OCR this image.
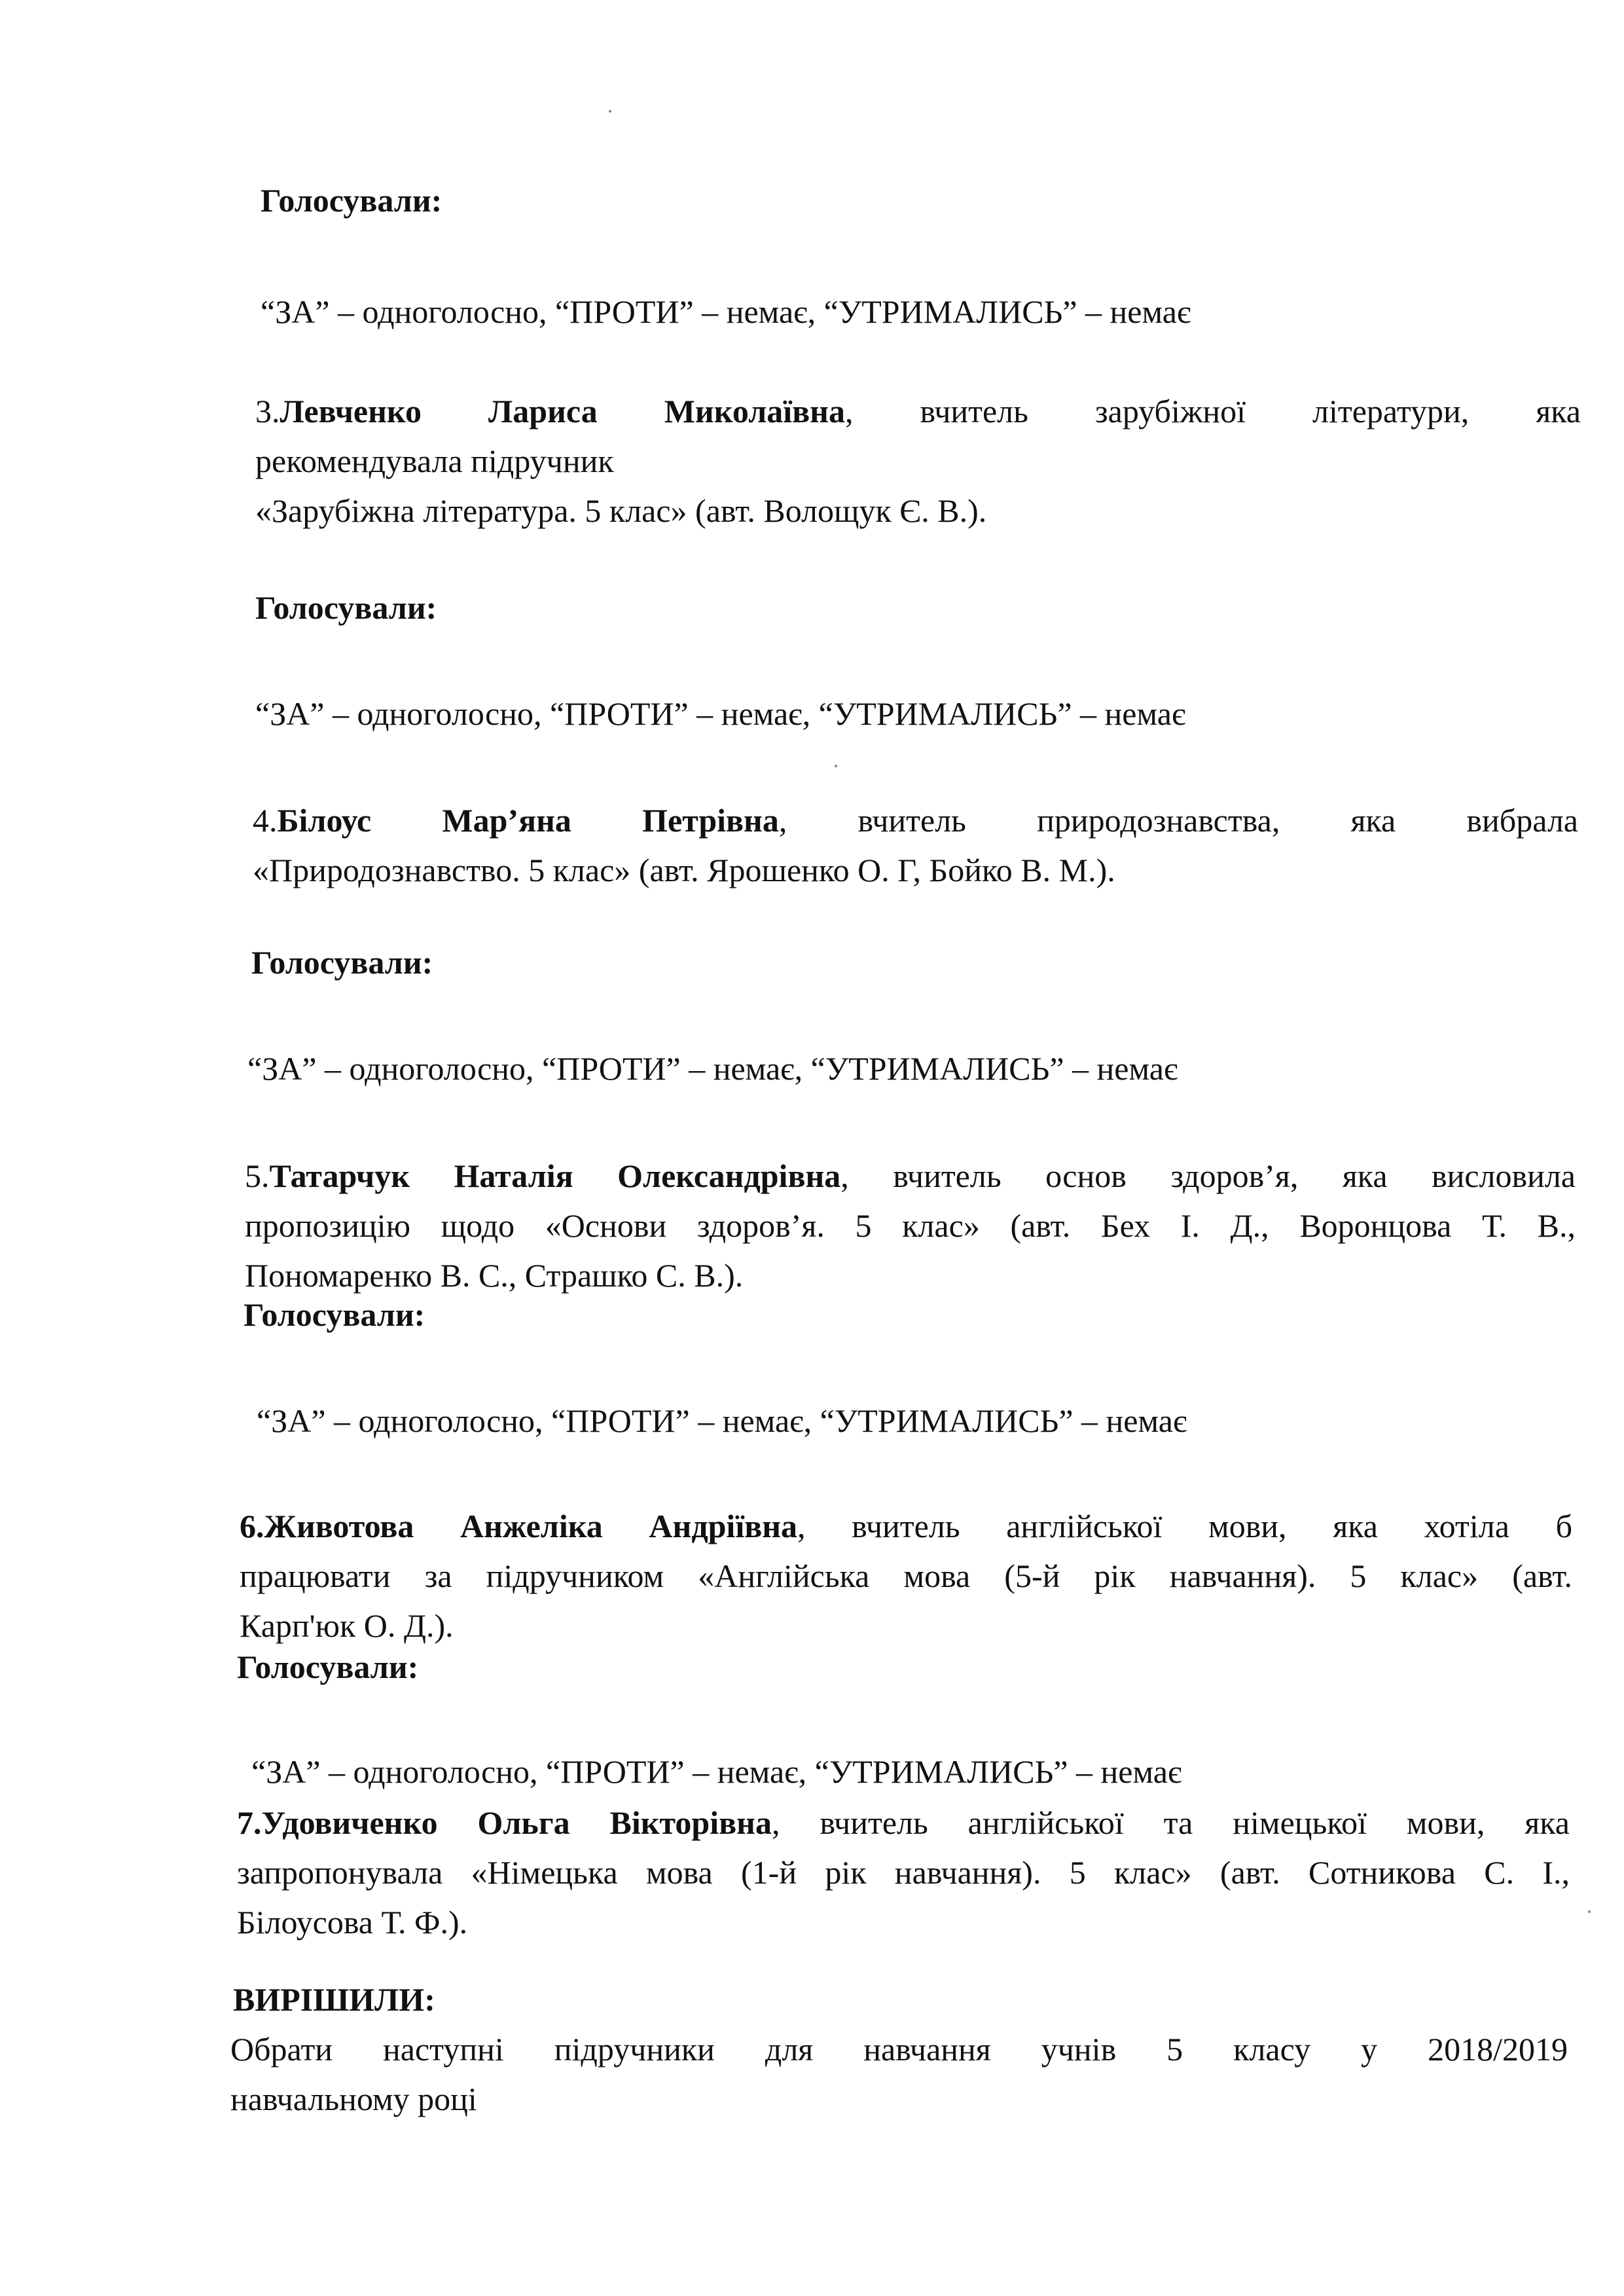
Голосували:

“ЗА” – одноголосно, “ПРОТИ” – немає, “УТРИМАЛИСЬ” – немає

3.Левченко Лариса Миколаївна, вчитель зарубіжної літератури, яка
рекомендувала підручник
«Зарубіжна література. 5 клас» (авт. Волощук Є. В.).

Голосували:

“ЗА” – одноголосно, “ПРОТИ” – немає, “УТРИМАЛИСЬ” – немає

4.Білоус Мар’яна Петрівна, вчитель природознавства, яка вибрала
«Природознавство. 5 клас» (авт. Ярошенко О. Г, Бойко В. М.).

Голосували:

“ЗА” – одноголосно, “ПРОТИ” – немає, “УТРИМАЛИСЬ” – немає

5.Татарчук Наталія Олександрівна, вчитель основ здоров’я, яка висловила
пропозицію щодо «Основи здоров’я. 5 клас» (авт. Бех І. Д., Воронцова Т. В.,
Пономаренко В. С., Страшко С. В.).

Голосували:

“ЗА” – одноголосно, “ПРОТИ” – немає, “УТРИМАЛИСЬ” – немає

6.Животова Анжеліка Андріївна, вчитель англійської мови, яка хотіла б
працювати за підручником «Англійська мова (5-й рік навчання). 5 клас» (авт.
Карп'юк О. Д.).

Голосували:

“ЗА” – одноголосно, “ПРОТИ” – немає, “УТРИМАЛИСЬ” – немає

7.Удовиченко Ольга Вікторівна, вчитель англійської та німецької мови, яка
запропонувала «Німецька мова (1-й рік навчання). 5 клас» (авт. Сотникова С. І.,
Білоусова Т. Ф.).

ВИРІШИЛИ:

Обрати наступні підручники для навчання учнів 5 класу у 2018/2019
навчальному році
